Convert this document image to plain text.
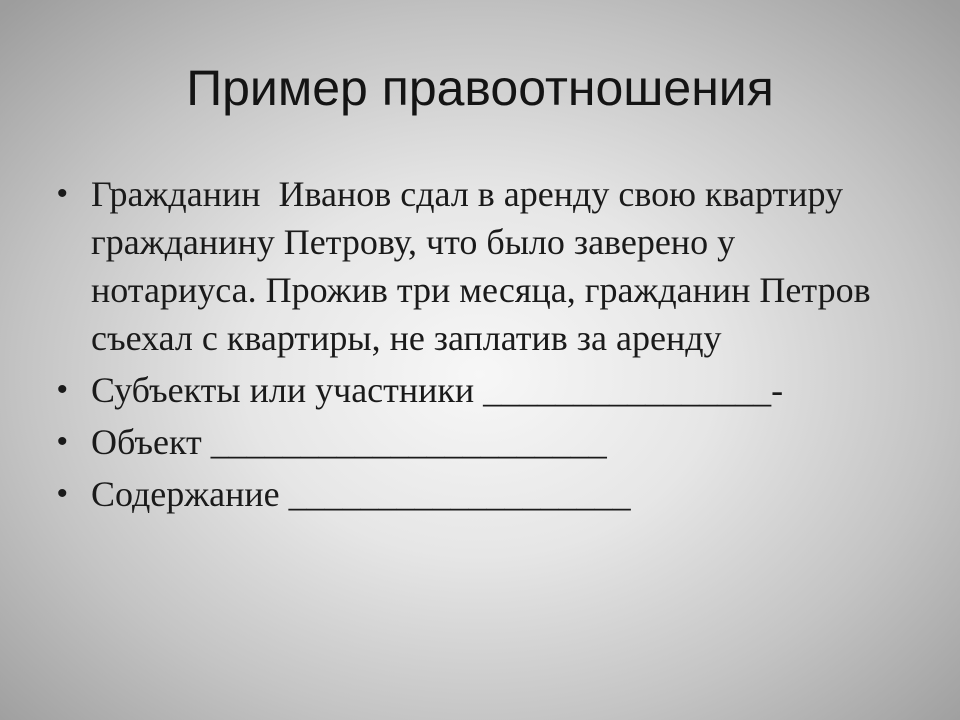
Пример правоотношения
• Гражданин  Иванов сдал в аренду свою квартиру гражданину Петрову, что было заверено у нотариуса. Прожив три месяца, гражданин Петров съехал с квартиры, не заплатив за аренду
• Субъекты или участники ________________-
• Объект ______________________
• Содержание ___________________
